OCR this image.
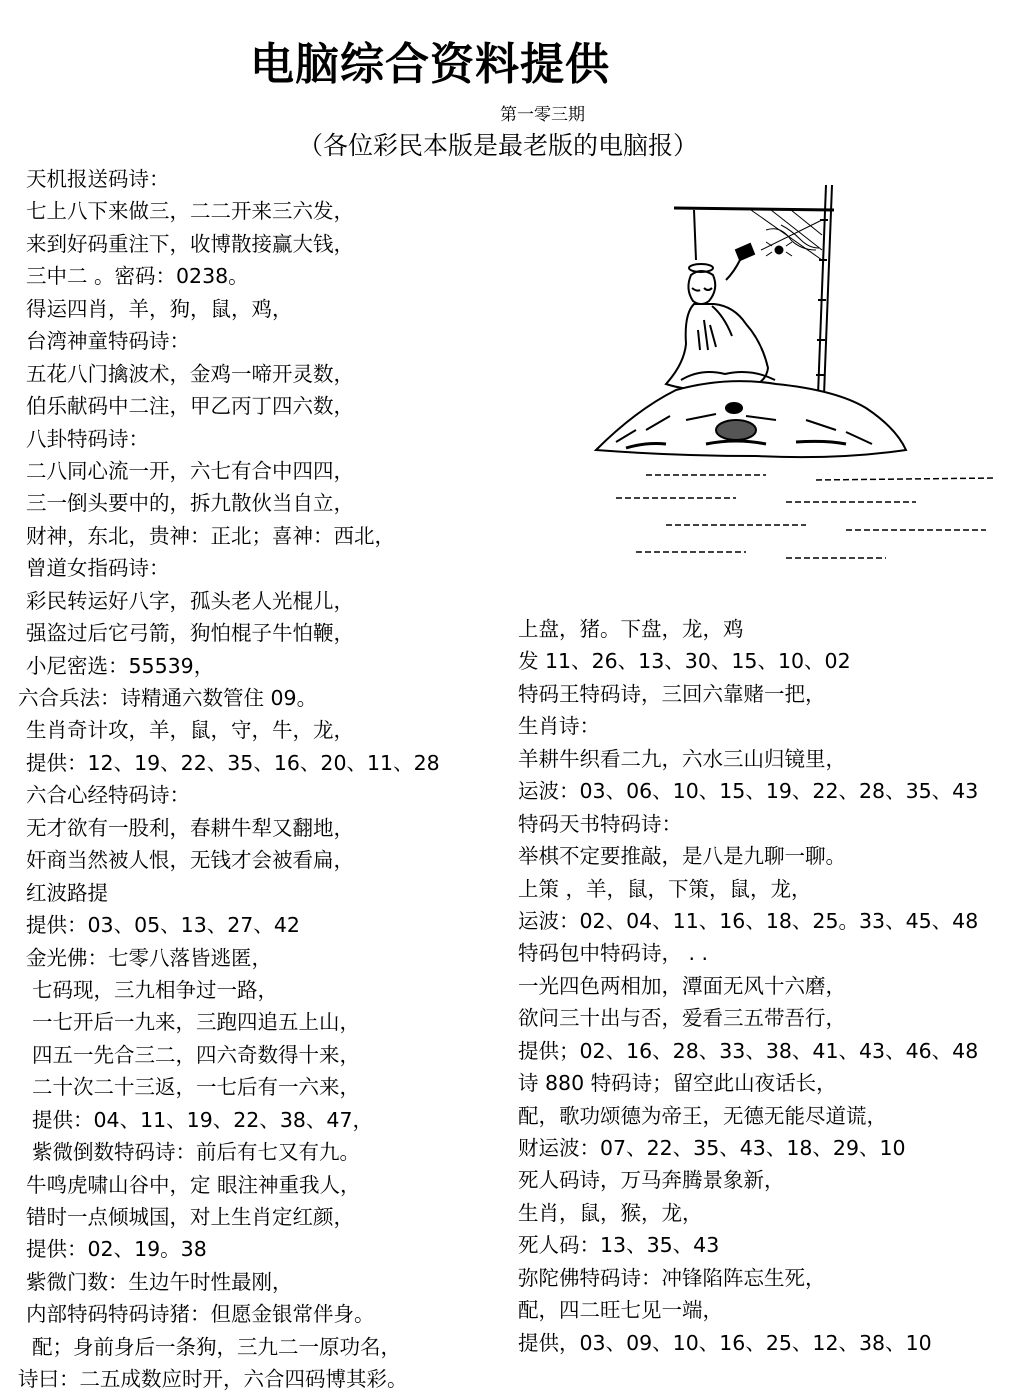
电脑综合资料提供
第一零三期
（各位彩民本版是最老版的电脑报）
天机报送码诗：
七上八下来做三，二二开来三六发，
来到好码重注下，收博散接赢大钱，
三中二 。密码：0238。
得运四肖，羊，狗，鼠，鸡，
台湾神童特码诗：
五花八门擒波术，金鸡一啼开灵数，
伯乐献码中二注，甲乙丙丁四六数，
八卦特码诗：
二八同心流一开，六七有合中四四，
三一倒头要中的，拆九散伙当自立，
财神，东北，贵神：正北；喜神：西北，
曾道女指码诗：
彩民转运好八字，孤头老人光棍儿，
强盗过后它弓箭，狗怕棍子牛怕鞭，
小尼密选：55539，
六合兵法：诗精通六数管住 09。
生肖奇计攻，羊，鼠，守，牛，龙，
提供：12、19、22、35、16、20、11、28
六合心经特码诗：
无才欲有一股利，春耕牛犁又翻地，
奸商当然被人恨，无钱才会被看扁，
红波路提
提供：03、05、13、27、42
金光佛：七零八落皆逃匿，
七码现，三九相争过一路，
一七开后一九来，三跑四追五上山，
四五一先合三二，四六奇数得十来，
二十次二十三返，一七后有一六来，
提供：04、11、19、22、38、47，
紫微倒数特码诗：前后有七又有九。
牛鸣虎啸山谷中，定 眼注神重我人，
错时一点倾城国，对上生肖定红颜，
提供：02、19。38
紫微门数：生边午时性最刚，
内部特码特码诗猪：但愿金银常伴身。
配；身前身后一条狗，三九二一原功名，
诗曰：二五成数应时开，六合四码博其彩。
上盘，猪。下盘，龙，鸡
发 11、26、13、30、15、10、02
特码王特码诗，三回六靠赌一把，
生肖诗：
羊耕牛织看二九，六水三山归镜里，
运波：03、06、10、15、19、22、28、35、43
特码天书特码诗：
举棋不定要推敲，是八是九聊一聊。
上策 ，羊，鼠，下策，鼠，龙，
运波：02、04、11、16、18、25。33、45、48
特码包中特码诗， . .
一光四色两相加，潭面无风十六磨，
欲问三十出与否，爱看三五带吾行，
提供；02、16、28、33、38、41、43、46、48
诗 880 特码诗；留空此山夜话长，
配，歌功颂德为帝王，无德无能尽道谎，
财运波：07、22、35、43、18、29、10
死人码诗，万马奔腾景象新，
生肖，鼠，猴，龙，
死人码：13、35、43
弥陀佛特码诗：冲锋陷阵忘生死，
配，四二旺七见一端，
提供，03、09、10、16、25、12、38、10
